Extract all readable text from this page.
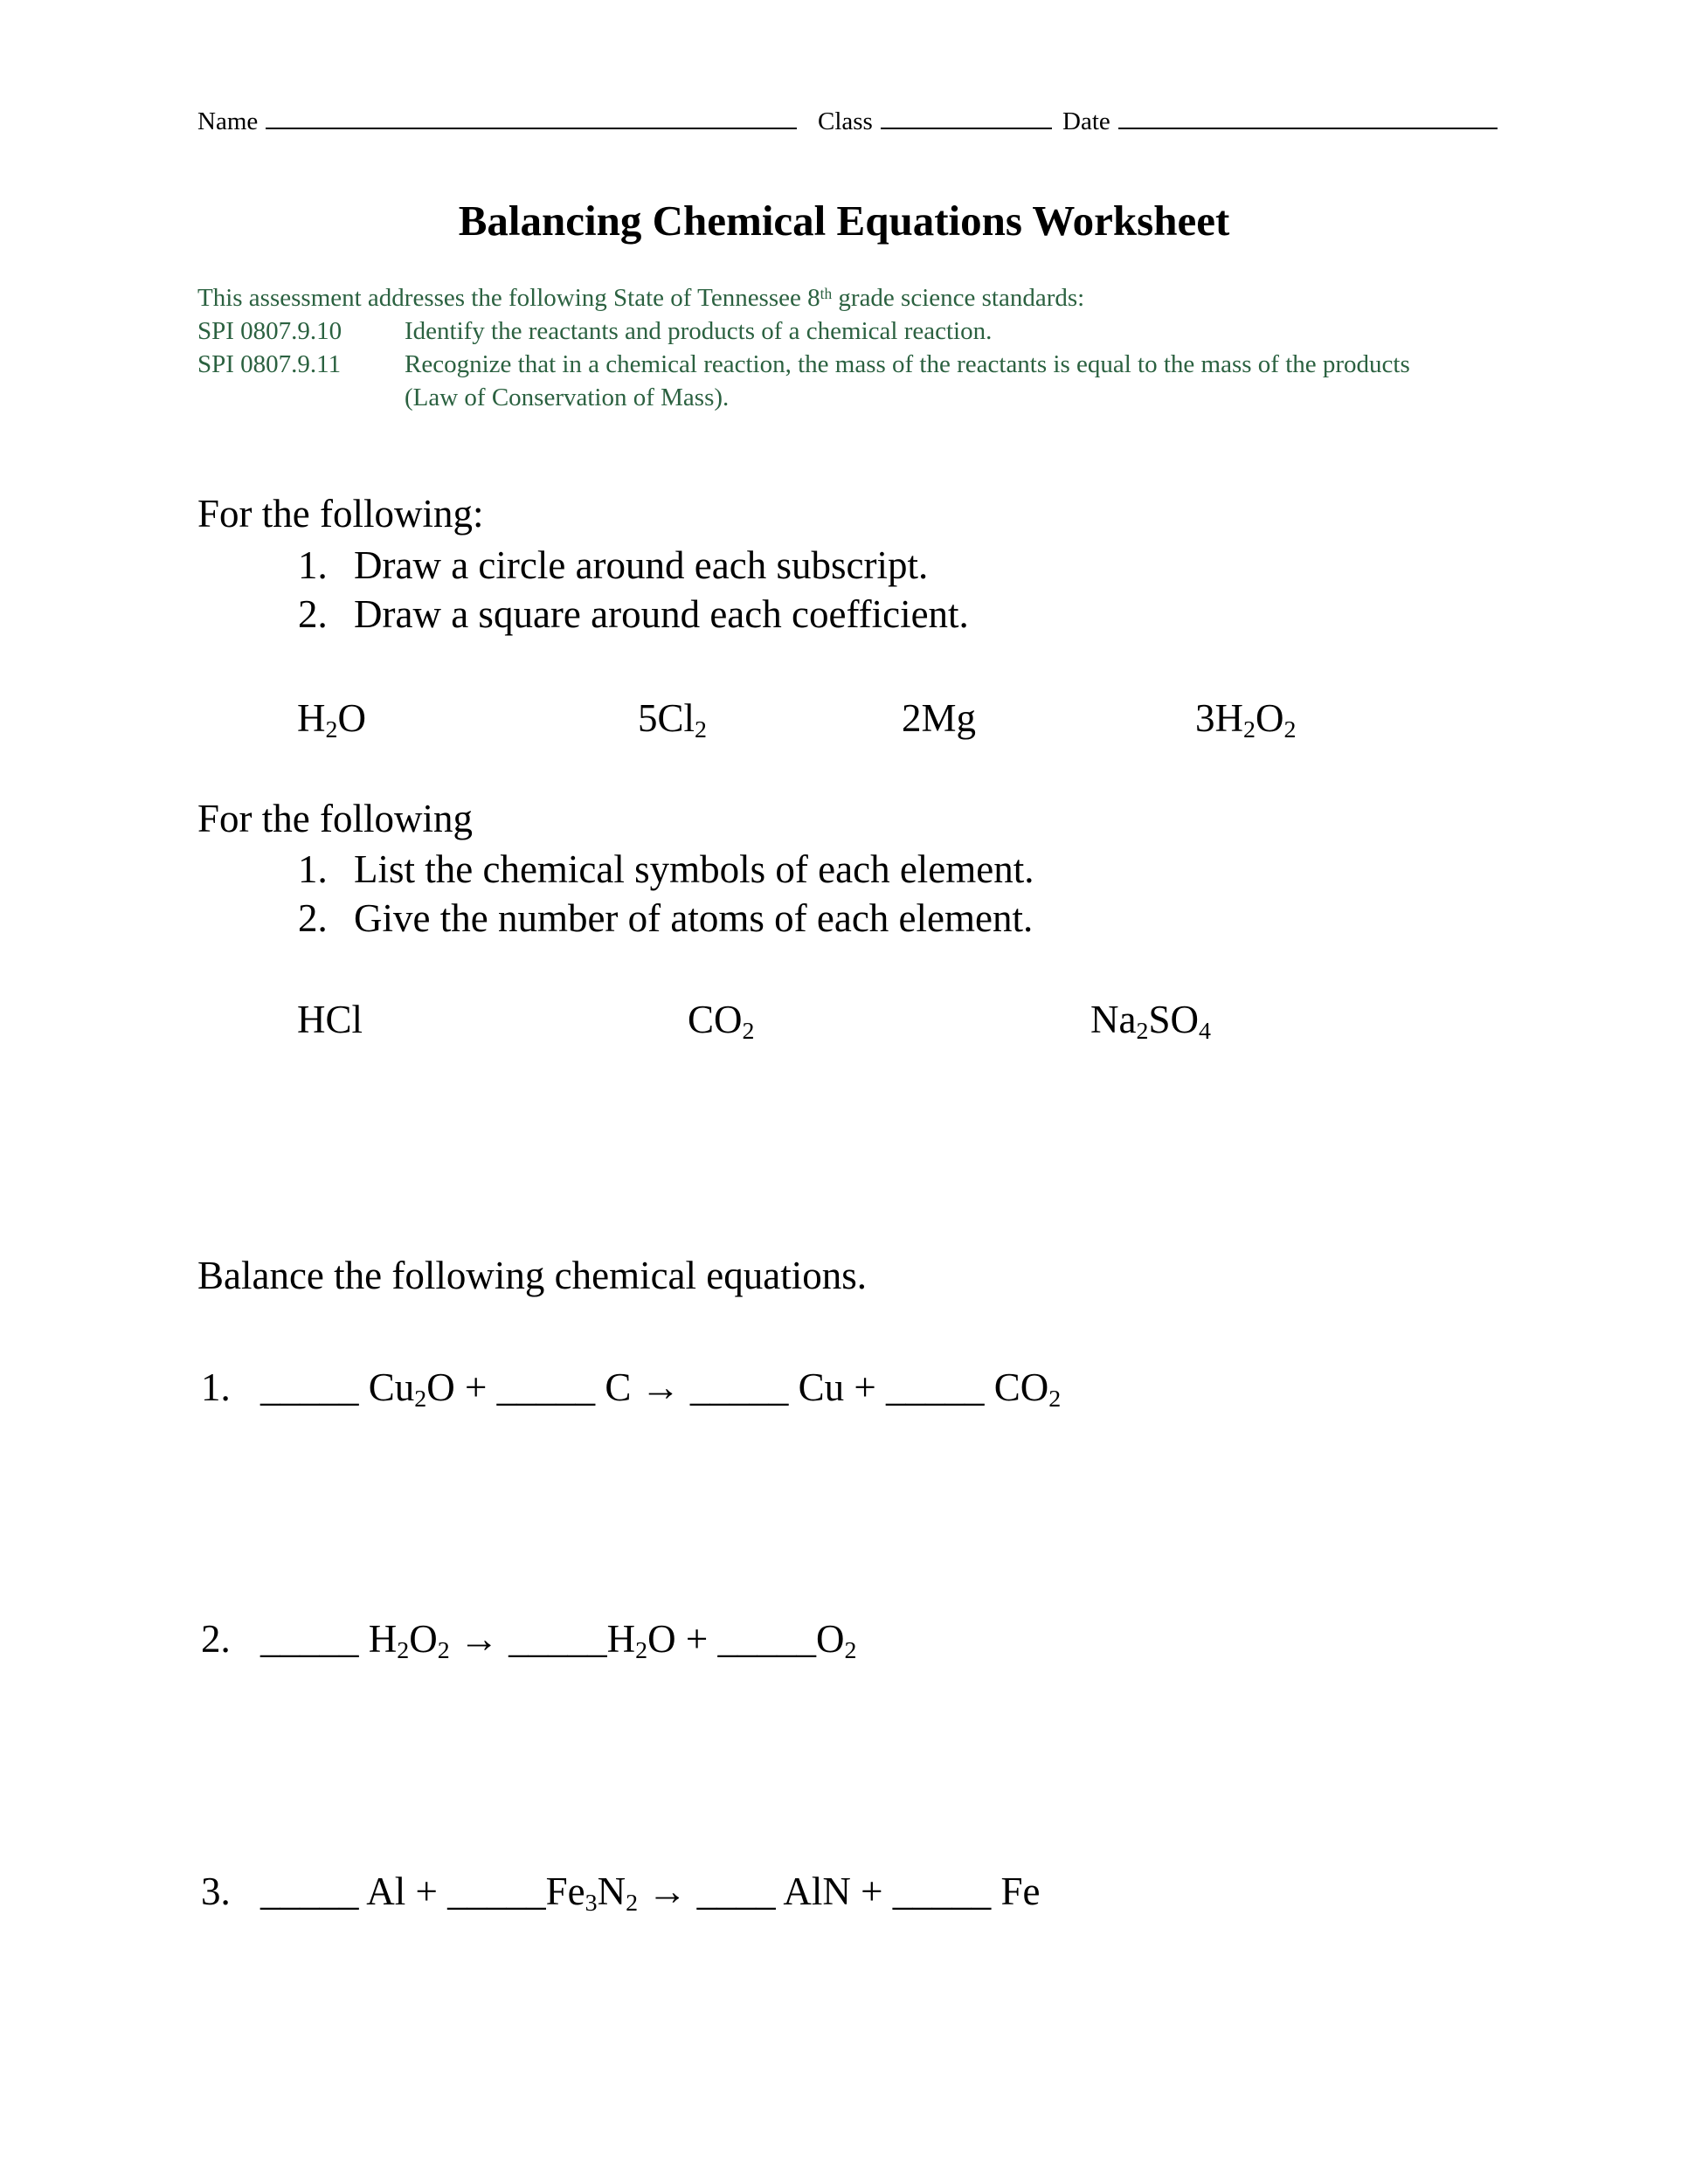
Name	Class	Date
Balancing Chemical Equations Worksheet
This assessment addresses the following State of Tennessee 8th grade science standards:
SPI 0807.9.10	Identify the reactants and products of a chemical reaction.
SPI 0807.9.11	Recognize that in a chemical reaction, the mass of the reactants is equal to the mass of the products (Law of Conservation of Mass).
For the following:
1. Draw a circle around each subscript.
2. Draw a square around each coefficient.
$H_2O$	$5Cl_2$	2Mg	$3H_2O_2$
For the following
1. List the chemical symbols of each element.
2. Give the number of atoms of each element.
HCl	$CO_2$	$Na_2SO_4$
Balance the following chemical equations.
1. _____ $Cu_2O$ + _____ C → _____ Cu + _____ $CO_2$
2. _____ $H_2O_2$ → $\_\_\_\_\_H_2O$ + $\_\_\_\_\_O_2$
3. _____ $Al + \_\_\_\_\_Fe_3N_2$ → ____ AlN + _____ Fe
